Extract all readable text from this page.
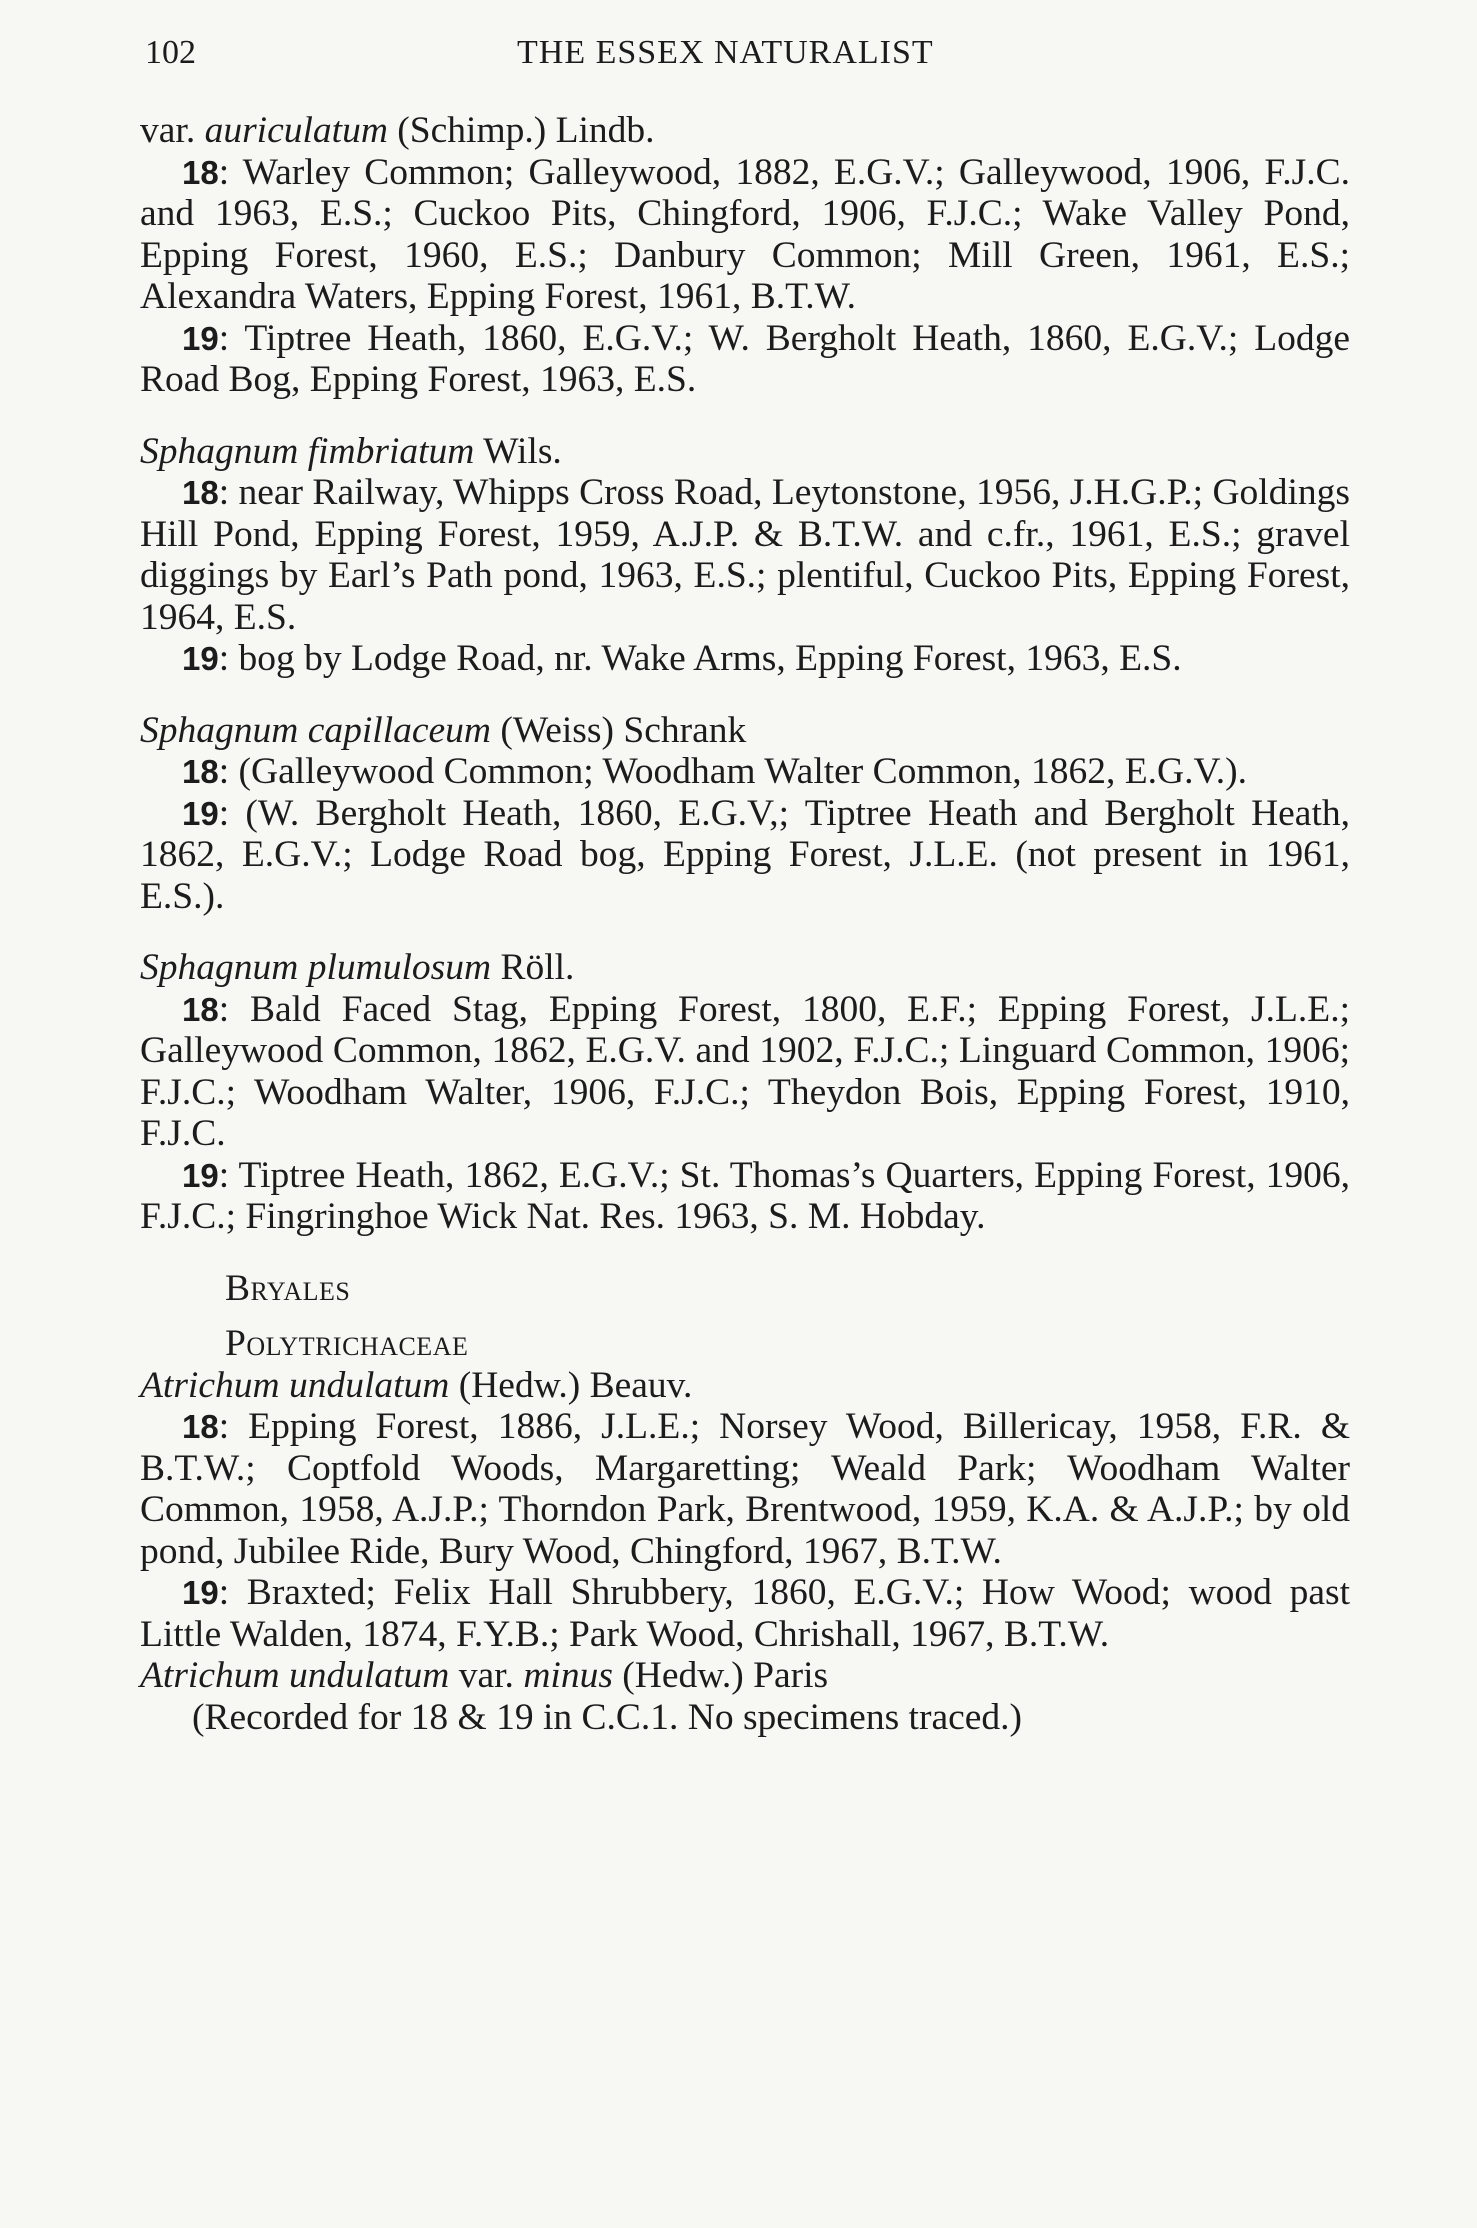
102	THE ESSEX NATURALIST

var. auriculatum (Schimp.) Lindb.

18: Warley Common; Galleywood, 1882, E.G.V.; Galleywood, 1906, F.J.C. and 1963, E.S.; Cuckoo Pits, Chingford, 1906, F.J.C.; Wake Valley Pond, Epping Forest, 1960, E.S.; Danbury Common; Mill Green, 1961, E.S.; Alexandra Waters, Epping Forest, 1961, B.T.W.

19: Tiptree Heath, 1860, E.G.V.; W. Bergholt Heath, 1860, E.G.V.; Lodge Road Bog, Epping Forest, 1963, E.S.

Sphagnum fimbriatum Wils.

18: near Railway, Whipps Cross Road, Leytonstone, 1956, J.H.G.P.; Goldings Hill Pond, Epping Forest, 1959, A.J.P. & B.T.W. and c.fr., 1961, E.S.; gravel diggings by Earl’s Path pond, 1963, E.S.; plentiful, Cuckoo Pits, Epping Forest, 1964, E.S.

19: bog by Lodge Road, nr. Wake Arms, Epping Forest, 1963, E.S.

Sphagnum capillaceum (Weiss) Schrank

18: (Galleywood Common; Woodham Walter Common, 1862, E.G.V.).

19: (W. Bergholt Heath, 1860, E.G.V,; Tiptree Heath and Bergholt Heath, 1862, E.G.V.; Lodge Road bog, Epping Forest, J.L.E. (not present in 1961, E.S.).

Sphagnum plumulosum Röll.

18: Bald Faced Stag, Epping Forest, 1800, E.F.; Epping Forest, J.L.E.; Galleywood Common, 1862, E.G.V. and 1902, F.J.C.; Linguard Common, 1906; F.J.C.; Woodham Walter, 1906, F.J.C.; Theydon Bois, Epping Forest, 1910, F.J.C.

19: Tiptree Heath, 1862, E.G.V.; St. Thomas’s Quarters, Epping Forest, 1906, F.J.C.; Fingringhoe Wick Nat. Res. 1963, S. M. Hobday.

Bryales

Polytrichaceae

Atrichum undulatum (Hedw.) Beauv.

18: Epping Forest, 1886, J.L.E.; Norsey Wood, Billericay, 1958, F.R. & B.T.W.; Coptfold Woods, Margaretting; Weald Park; Woodham Walter Common, 1958, A.J.P.; Thorndon Park, Brentwood, 1959, K.A. & A.J.P.; by old pond, Jubilee Ride, Bury Wood, Chingford, 1967, B.T.W.

19: Braxted; Felix Hall Shrubbery, 1860, E.G.V.; How Wood; wood past Little Walden, 1874, F.Y.B.; Park Wood, Chrishall, 1967, B.T.W.

Atrichum undulatum var. minus (Hedw.) Paris

(Recorded for 18 & 19 in C.C.1. No specimens traced.)
